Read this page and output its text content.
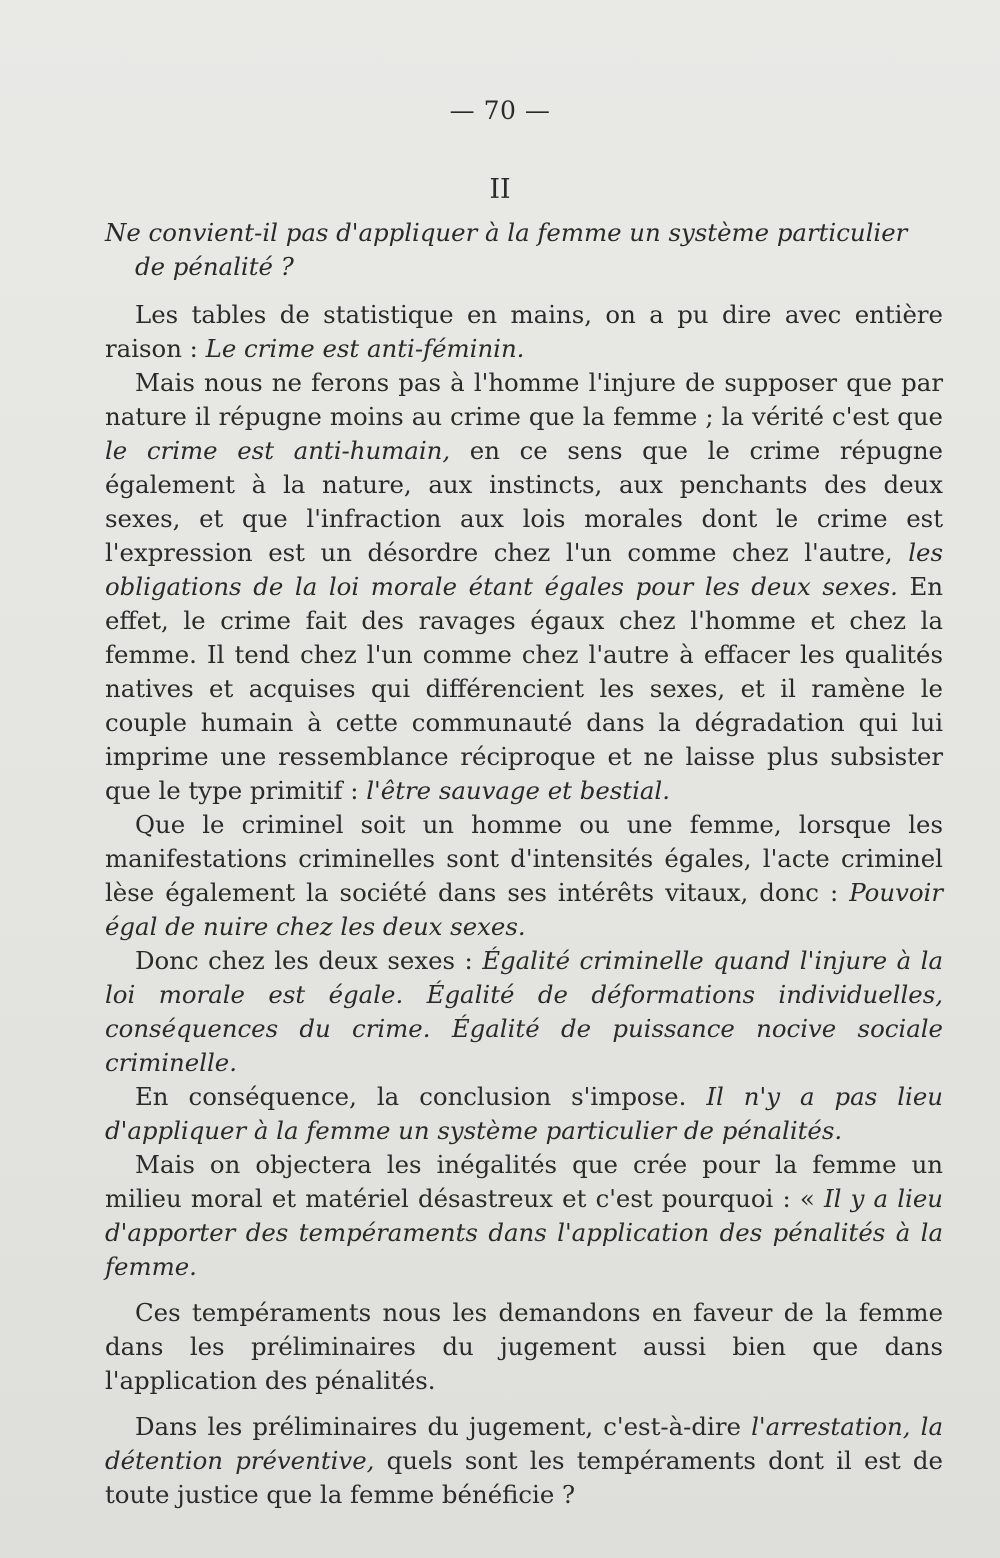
— 70 —
II

Ne convient-il pas d'appliquer à la femme un système particulier
de pénalité ?

Les tables de statistique en mains, on a pu dire avec entière raison : Le crime est anti-féminin.

Mais nous ne ferons pas à l'homme l'injure de supposer que par nature il répugne moins au crime que la femme ; la vérité c'est que le crime est anti-humain, en ce sens que le crime répugne également à la nature, aux instincts, aux penchants des deux sexes, et que l'infraction aux lois morales dont le crime est l'expression est un désordre chez l'un comme chez l'autre, les obligations de la loi morale étant égales pour les deux sexes. En effet, le crime fait des ravages égaux chez l'homme et chez la femme. Il tend chez l'un comme chez l'autre à effacer les qualités natives et acquises qui différencient les sexes, et il ramène le couple humain à cette communauté dans la dégradation qui lui imprime une ressemblance réciproque et ne laisse plus subsister que le type primitif : l'être sauvage et bestial.

Que le criminel soit un homme ou une femme, lorsque les manifestations criminelles sont d'intensités égales, l'acte criminel lèse également la société dans ses intérêts vitaux, donc : Pouvoir égal de nuire chez les deux sexes.

Donc chez les deux sexes : Égalité criminelle quand l'injure à la loi morale est égale. Égalité de déformations individuelles, conséquences du crime. Égalité de puissance nocive sociale criminelle.

En conséquence, la conclusion s'impose. Il n'y a pas lieu d'appliquer à la femme un système particulier de pénalités.

Mais on objectera les inégalités que crée pour la femme un milieu moral et matériel désastreux et c'est pourquoi : « Il y a lieu d'apporter des tempéraments dans l'application des pénalités à la femme.

Ces tempéraments nous les demandons en faveur de la femme dans les préliminaires du jugement aussi bien que dans l'application des pénalités.

Dans les préliminaires du jugement, c'est-à-dire l'arrestation, la détention préventive, quels sont les tempéraments dont il est de toute justice que la femme bénéficie ?
